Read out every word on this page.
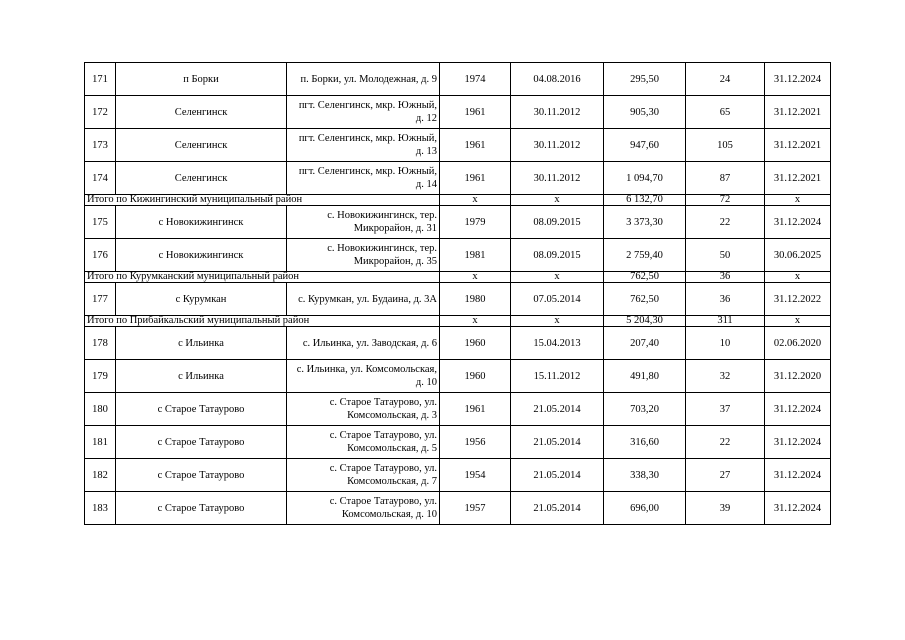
171	п Борки	п. Борки, ул. Молодежная, д. 9	1974	04.08.2016	295,50	24	31.12.2024
172	Селенгинск	пгт. Селенгинск, мкр. Южный, д. 12	1961	30.11.2012	905,30	65	31.12.2021
173	Селенгинск	пгт. Селенгинск, мкр. Южный, д. 13	1961	30.11.2012	947,60	105	31.12.2021
174	Селенгинск	пгт. Селенгинск, мкр. Южный, д. 14	1961	30.11.2012	1 094,70	87	31.12.2021
Итого по Кижингинский муниципальный район			х	х	6 132,70	72	х
175	с Новокижингинск	с. Новокижингинск, тер. Микрорайон, д. 31	1979	08.09.2015	3 373,30	22	31.12.2024
176	с Новокижингинск	с. Новокижингинск, тер. Микрорайон, д. 35	1981	08.09.2015	2 759,40	50	30.06.2025
Итого по Курумканский муниципальный район			х	х	762,50	36	х
177	с Курумкан	с. Курумкан, ул. Будаина, д. 3А	1980	07.05.2014	762,50	36	31.12.2022
Итого по Прибайкальский муниципальный район			х	х	5 204,30	311	х
178	с Ильинка	с. Ильинка, ул. Заводская, д. 6	1960	15.04.2013	207,40	10	02.06.2020
179	с Ильинка	с. Ильинка, ул. Комсомольская, д. 10	1960	15.11.2012	491,80	32	31.12.2020
180	с Старое Татаурово	с. Старое Татаурово, ул. Комсомольская, д. 3	1961	21.05.2014	703,20	37	31.12.2024
181	с Старое Татаурово	с. Старое Татаурово, ул. Комсомольская, д. 5	1956	21.05.2014	316,60	22	31.12.2024
182	с Старое Татаурово	с. Старое Татаурово, ул. Комсомольская, д. 7	1954	21.05.2014	338,30	27	31.12.2024
183	с Старое Татаурово	с. Старое Татаурово, ул. Комсомольская, д. 10	1957	21.05.2014	696,00	39	31.12.2024
